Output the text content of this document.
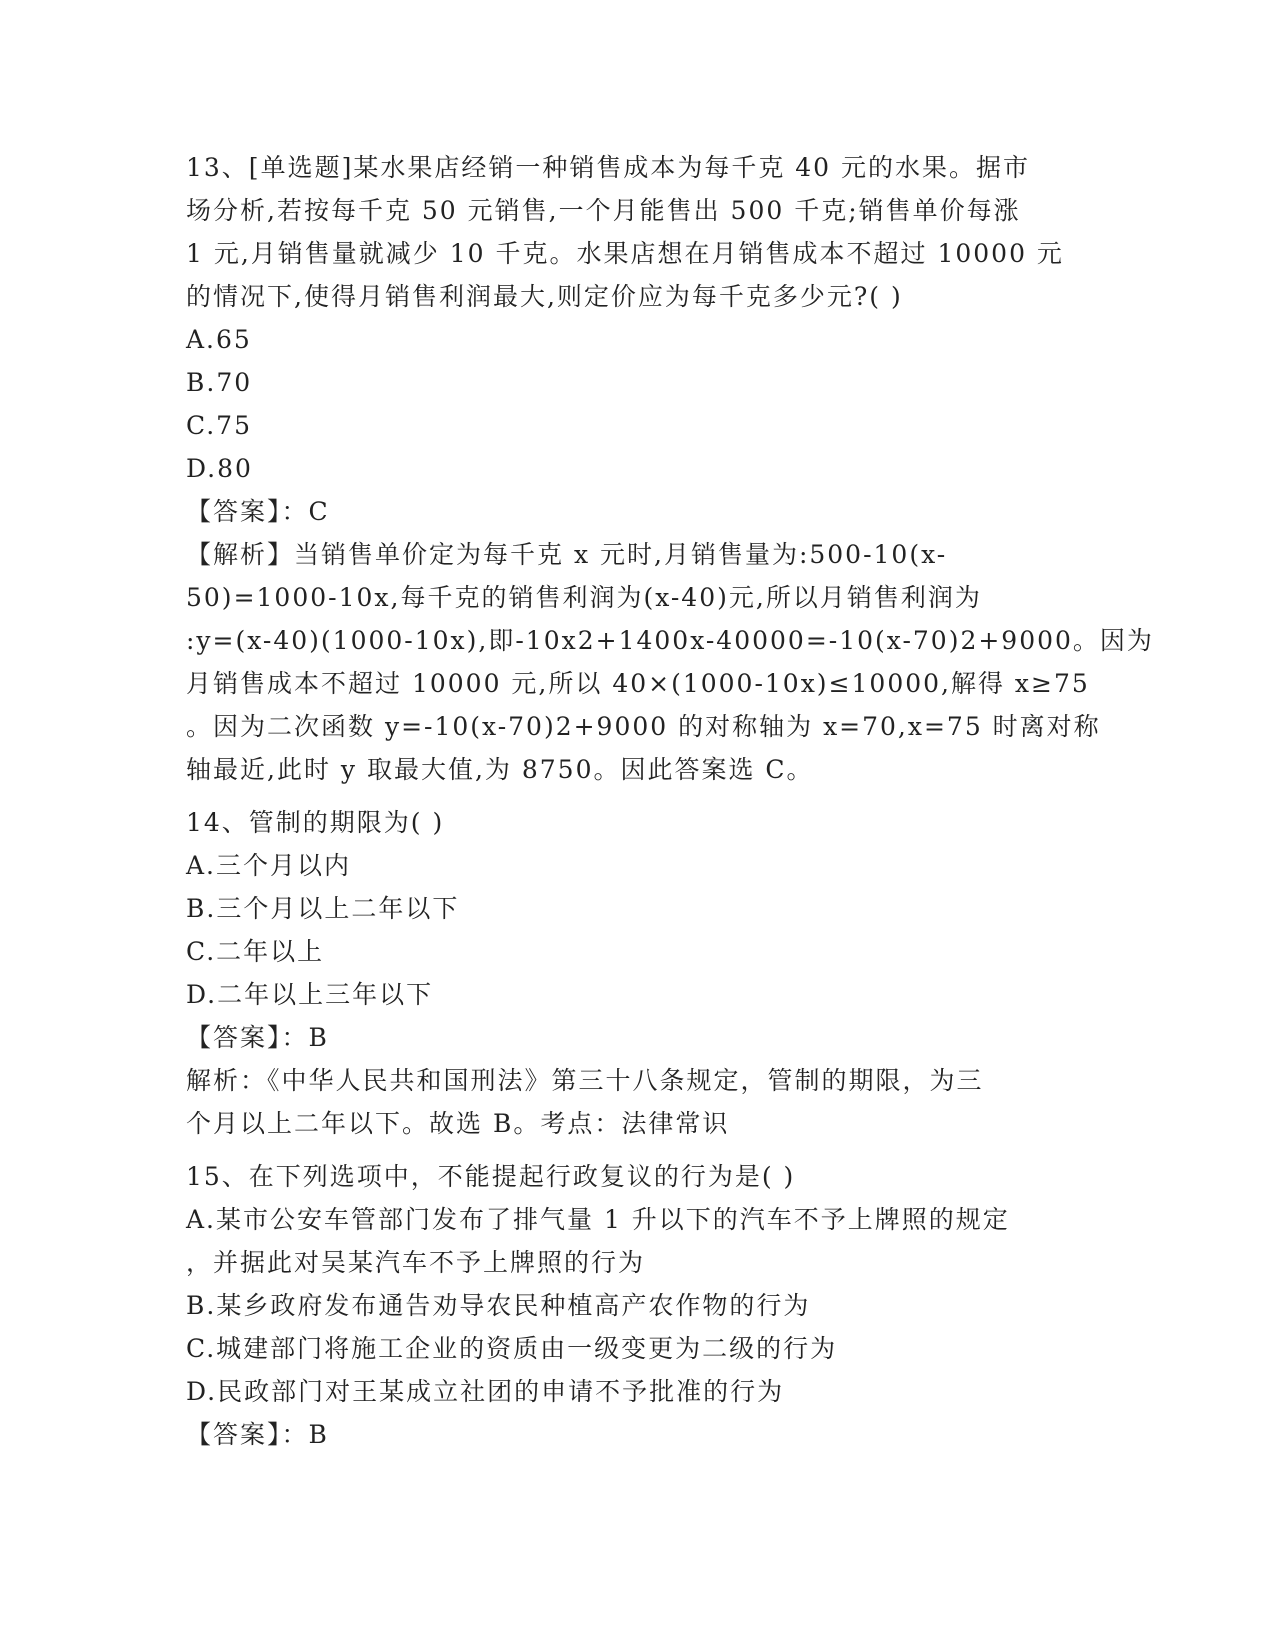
13、[单选题]某水果店经销一种销售成本为每千克 40 元的水果。据市
场分析,若按每千克 50 元销售,一个月能售出 500 千克;销售单价每涨
1 元,月销售量就减少 10 千克。水果店想在月销售成本不超过 10000 元
的情况下,使得月销售利润最大,则定价应为每千克多少元?( )
A.65
B.70
C.75
D.80
【答案】：C
【解析】当销售单价定为每千克 x 元时,月销售量为:500-10(x-
50)=1000-10x,每千克的销售利润为(x-40)元,所以月销售利润为
:y=(x-40)(1000-10x),即-10x2+1400x-40000=-10(x-70)2+9000。因为
月销售成本不超过 10000 元,所以 40×(1000-10x)≤10000,解得 x≥75
。因为二次函数 y=-10(x-70)2+9000 的对称轴为 x=70,x=75 时离对称
轴最近,此时 y 取最大值,为 8750。因此答案选 C。
14、管制的期限为( )
A.三个月以内
B.三个月以上二年以下
C.二年以上
D.二年以上三年以下
【答案】：B
解析：《中华人民共和国刑法》第三十八条规定，管制的期限，为三
个月以上二年以下。故选 B。考点：法律常识
15、在下列选项中，不能提起行政复议的行为是( )
A.某市公安车管部门发布了排气量 1 升以下的汽车不予上牌照的规定
，并据此对吴某汽车不予上牌照的行为
B.某乡政府发布通告劝导农民种植高产农作物的行为
C.城建部门将施工企业的资质由一级变更为二级的行为
D.民政部门对王某成立社团的申请不予批准的行为
【答案】：B
